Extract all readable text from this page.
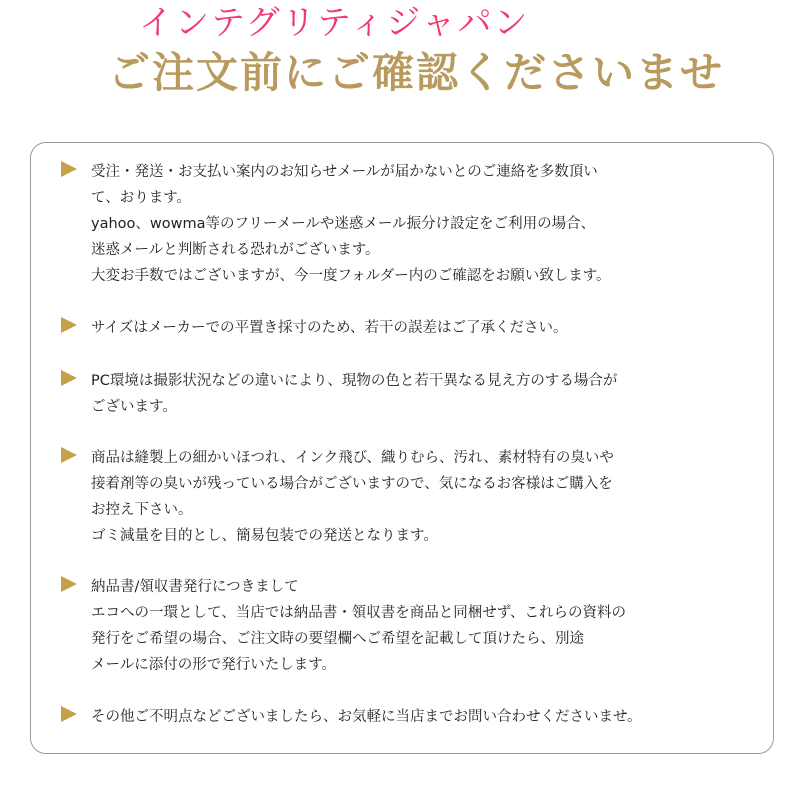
インテグリティジャパン
ご注文前にご確認くださいませ

受注・発送・お支払い案内のお知らせメールが届かないとのご連絡を多数頂い
て、おります。
yahoo、wowma等のフリーメールや迷惑メール振分け設定をご利用の場合、
迷惑メールと判断される恐れがございます。
大変お手数ではございますが、今一度フォルダー内のご確認をお願い致します。

サイズはメーカーでの平置き採寸のため、若干の誤差はご了承ください。

PC環境は撮影状況などの違いにより、現物の色と若干異なる見え方のする場合が
ございます。

商品は縫製上の細かいほつれ、インク飛び、織りむら、汚れ、素材特有の臭いや
接着剤等の臭いが残っている場合がございますので、気になるお客様はご購入を
お控え下さい。
ゴミ減量を目的とし、簡易包装での発送となります。

納品書/領収書発行につきまして
エコへの一環として、当店では納品書・領収書を商品と同梱せず、これらの資料の
発行をご希望の場合、ご注文時の要望欄へご希望を記載して頂けたら、別途
メールに添付の形で発行いたします。

その他ご不明点などございましたら、お気軽に当店までお問い合わせくださいませ。
